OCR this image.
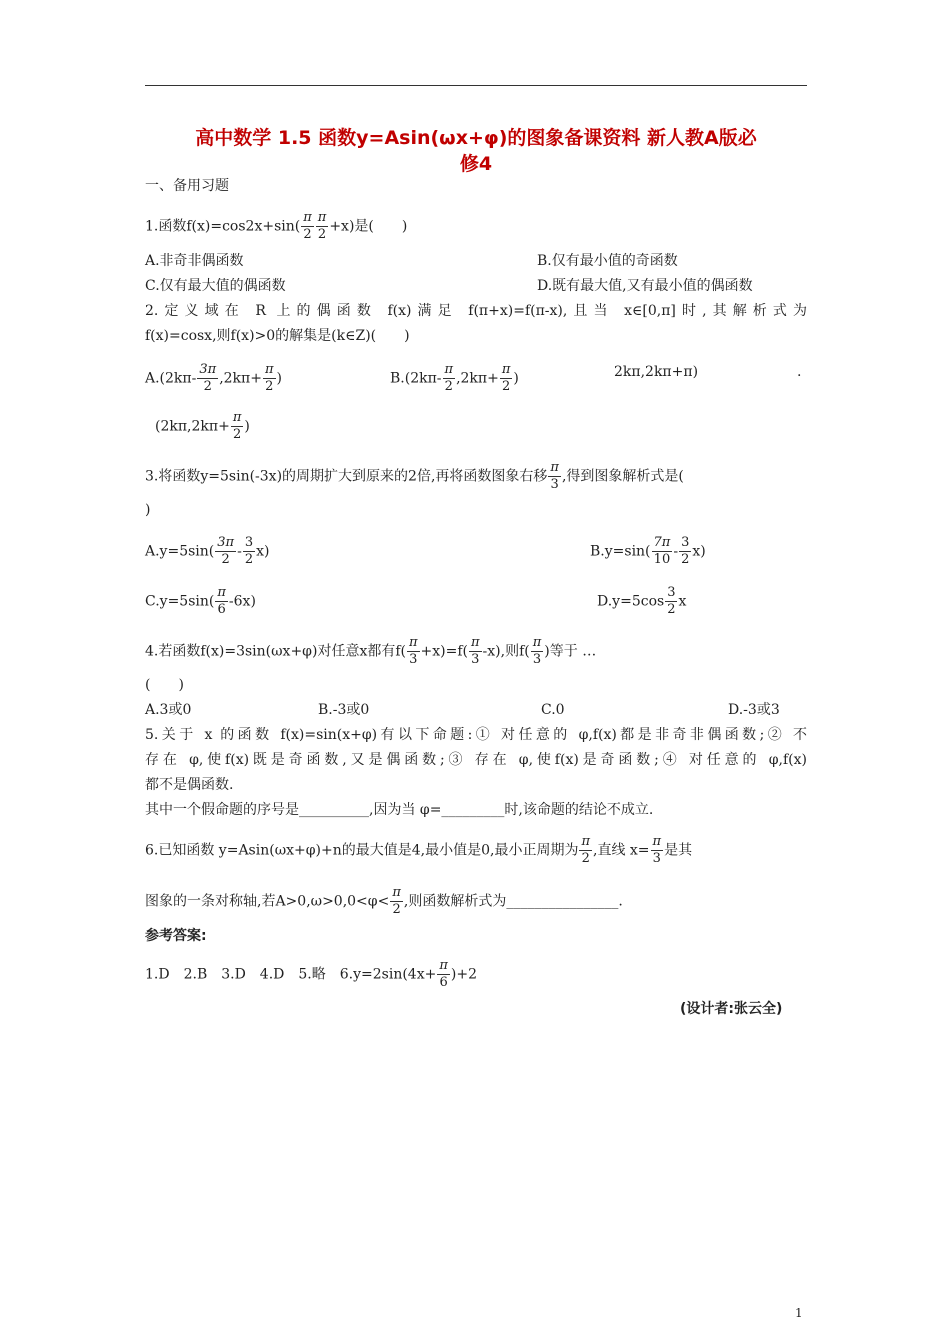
高中数学 1.5 函数y=Asin(ωx+φ)的图象备课资料 新人教A版必
修4
一、备用习题
1.函数$f(x)=\cos 2x+\sin( \frac{\pi}{2} \frac{\pi}{2} +x)$是(　　)
A.非奇非偶函数	B.仅有最小值的奇函数
C.仅有最大值的偶函数	D.既有最大值,又有最小值的偶函数
2.定义域在 R 上的偶函数 f(x)满足 f(π+x)=f(π-x),且当 x∈[0,π]时,其解析式为
f(x)=cosx,则f(x)>0的解集是(k∈Z)(　　)
$A.(2k\pi- \frac{3\pi}{2} ,2k\pi+ \frac{\pi}{2}$ )	$B.(2k\pi- \frac{\pi}{2} ,2k\pi+ \frac{\pi}{2}$ )	2kπ,2kπ+π)	.
($2k\pi,2k\pi+ \frac{\pi}{2}$ )
3.将函数y=5sin(-3x)的周期扩大到原来的2倍,再将函数图象右移 $\frac{\pi}{3}$ ,得到图象解析式是(
)
$A.y=5\sin( \frac{3\pi}{2} - \frac{3}{2} x)$	$B.y=\sin( \frac{7\pi}{10} - \frac{3}{2} x)$
$C.y=5\sin( \frac{\pi}{6} -6x)$	$D.y=5\cos \frac{3}{2}$ x
4.若函数f(x)=3sin(ωx+φ)对任意x都有$f( \frac{\pi}{3} +x)=f( \frac{\pi}{3} -x)$,则$f( \frac{\pi}{3}$ )等于 …
(　　)
A.3或0	B.-3或0	C.0	D.-3或3
5.关于 x 的函数 f(x)=sin(x+φ)有以下命题:① 对任意的 φ,f(x)都是非奇非偶函数;② 不
存在 φ,使f(x)既是奇函数,又是偶函数;③ 存在 φ,使f(x)是奇函数;④ 对任意的 φ,f(x)
都不是偶函数.
其中一个假命题的序号是__________,因为当 φ=_________时,该命题的结论不成立.
6.已知函数 y=Asin(ωx+φ)+n的最大值是4,最小值是0,最小正周期为 $\frac{\pi}{2}$ ,直线 $x= \frac{\pi}{3}$ 是其
图象的一条对称轴,若$A>0,\omega>0,0<\varphi< \frac{\pi}{2}$ ,则函数解析式为________________.
参考答案:
1.D　2.B　3.D　4.D　5.略　$6.y=2\sin(4x+ \frac{\pi}{6} )+2$
(设计者:张云全)
1
